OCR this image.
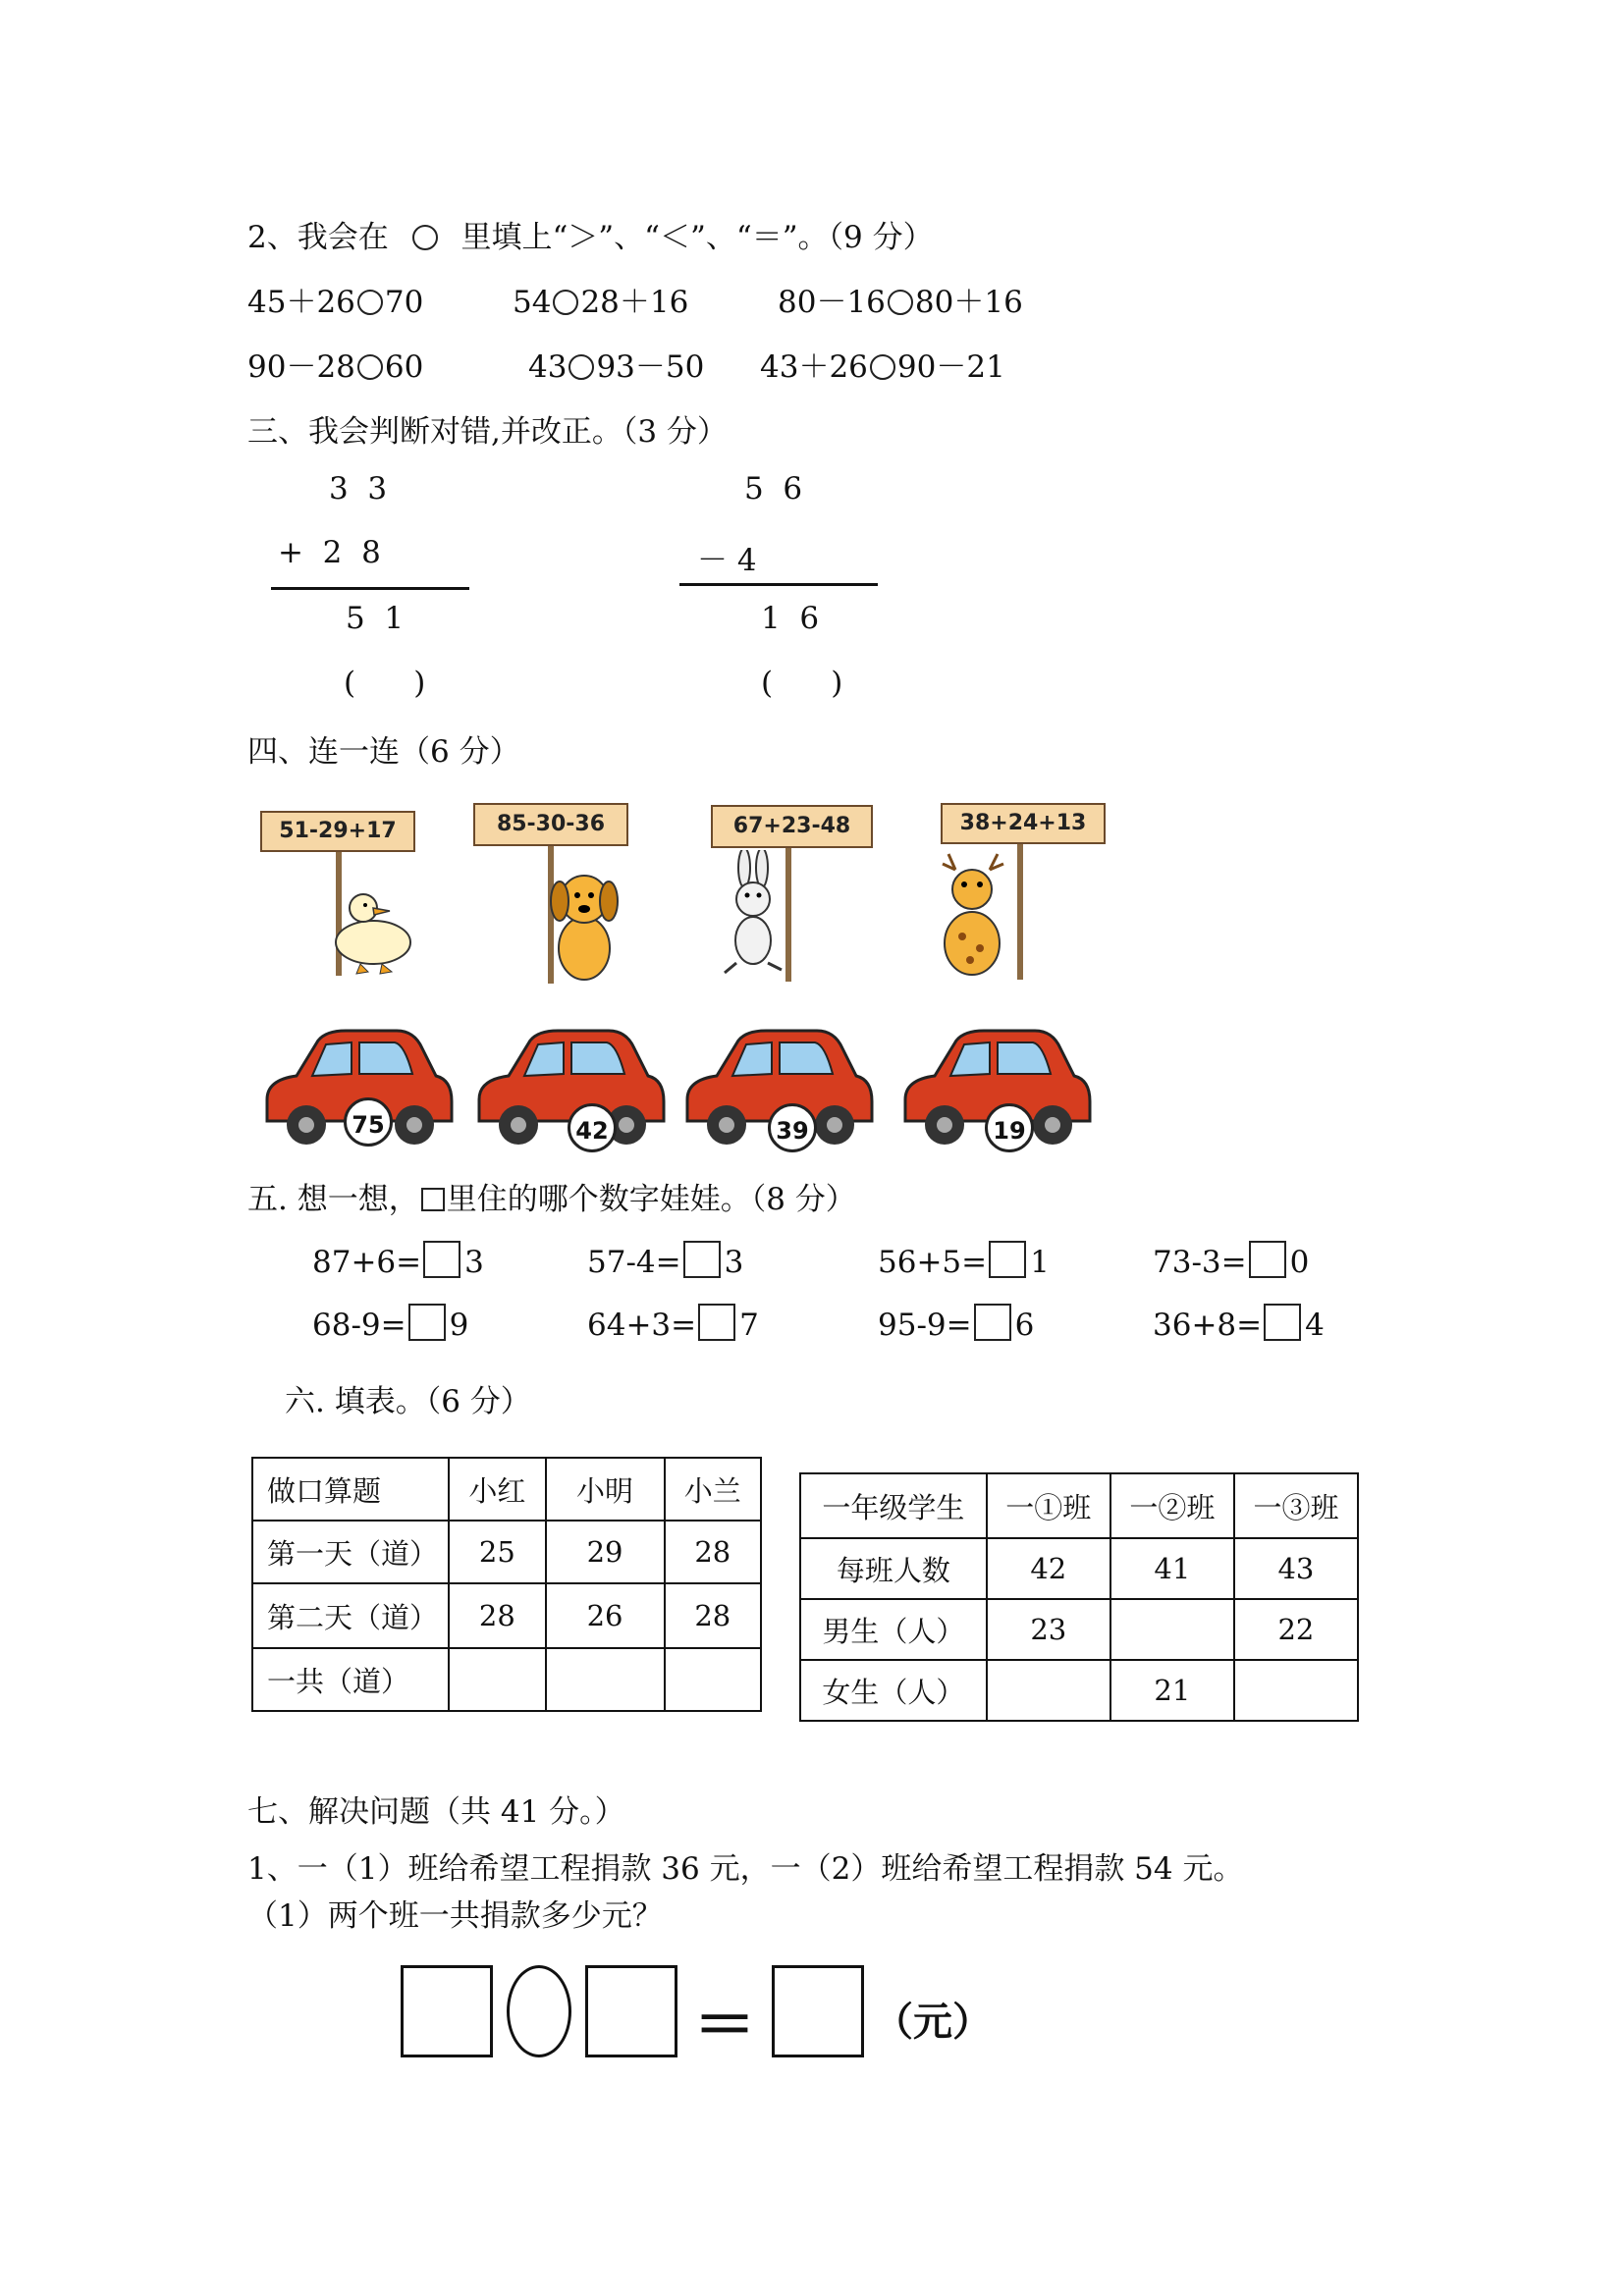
2、我会在 里填上“＞”、“＜”、“＝”。（9 分）
45＋26 70	54 28＋16	80－16 80＋16
90－28 60	43 93－50 43＋26 90－21
三、我会判断对错,并改正。（3 分）
3  3
+  2  8
5  1
(      )
5  6
－ 4
1  6
(      )
四、连一连（6 分）
51-29+17	85-30-36	67+23-48	38+24+13
75	42	39	19
五. 想一想， 里住的哪个数字娃娃。（8 分）
87+6= 3	57-4= 3	56+5= 1	73-3= 0
68-9= 9	64+3= 7	95-9= 6	36+8= 4
六. 填表。（6 分）
做口算题	小红	小明	小兰
第一天（道）	25	29	28
第二天（道）	28	26	28
一共（道）			
一年级学生	一①班	一②班	一③班
每班人数	42	41	43
男生（人）	23		22
女生（人）		21	
七、解决问题（共 41 分。）
1、一（1）班给希望工程捐款 36 元，一（2）班给希望工程捐款 54 元。
（1）两个班一共捐款多少元？
＝	（元）
